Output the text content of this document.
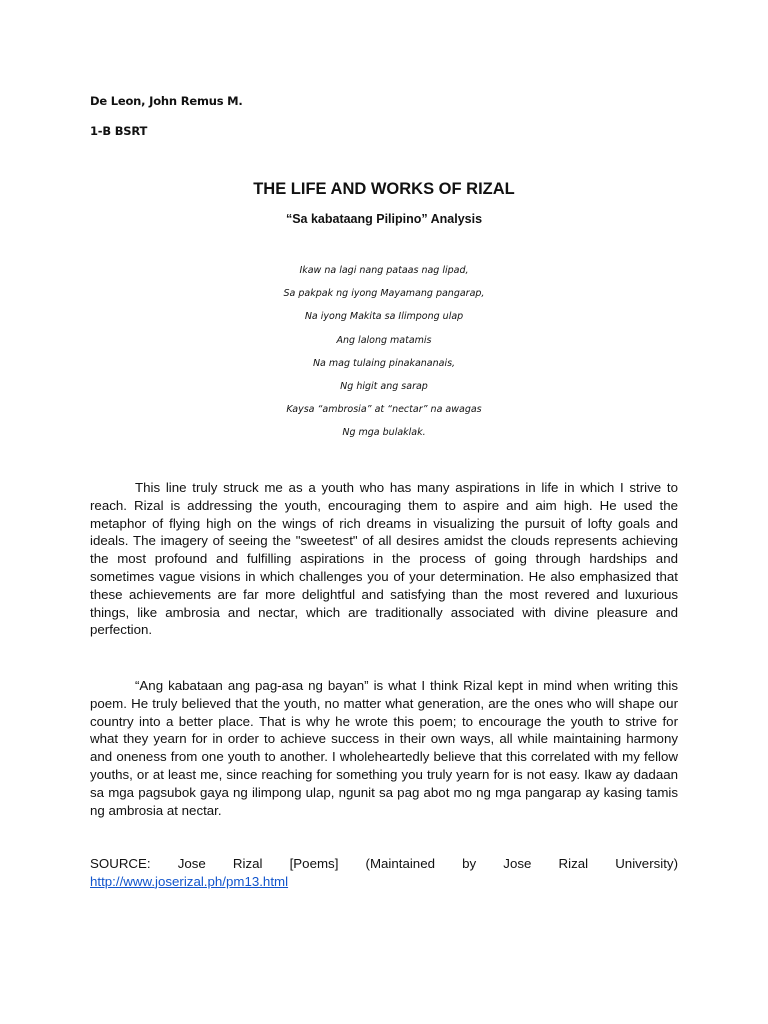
De Leon, John Remus M.

1-B BSRT

THE LIFE AND WORKS OF RIZAL
“Sa kabataang Pilipino” Analysis
Ikaw na lagi nang pataas nag lipad,
Sa pakpak ng iyong Mayamang pangarap,
Na iyong Makita sa Ilimpong ulap
Ang lalong matamis
Na mag tulaing pinakananais,
Ng higit ang sarap
Kaysa “ambrosia” at “nectar” na awagas
Ng mga bulaklak.

This line truly struck me as a youth who has many aspirations in life in which I strive to reach. Rizal is addressing the youth, encouraging them to aspire and aim high. He used the metaphor of flying high on the wings of rich dreams in visualizing the pursuit of lofty goals and ideals. The imagery of seeing the "sweetest" of all desires amidst the clouds represents achieving the most profound and fulfilling aspirations in the process of going through hardships and sometimes vague visions in which challenges you of your determination. He also emphasized that these achievements are far more delightful and satisfying than the most revered and luxurious things, like ambrosia and nectar, which are traditionally associated with divine pleasure and perfection.

“Ang kabataan ang pag-asa ng bayan” is what I think Rizal kept in mind when writing this poem. He truly believed that the youth, no matter what generation, are the ones who will shape our country into a better place. That is why he wrote this poem; to encourage the youth to strive for what they yearn for in order to achieve success in their own ways, all while maintaining harmony and oneness from one youth to another. I wholeheartedly believe that this correlated with my fellow youths, or at least me, since reaching for something you truly yearn for is not easy. Ikaw ay dadaan sa mga pagsubok gaya ng ilimpong ulap, ngunit sa pag abot mo ng mga pangarap ay kasing tamis ng ambrosia at nectar.

SOURCE: Jose Rizal [Poems] (Maintained by Jose Rizal University)
http://www.joserizal.ph/pm13.html
